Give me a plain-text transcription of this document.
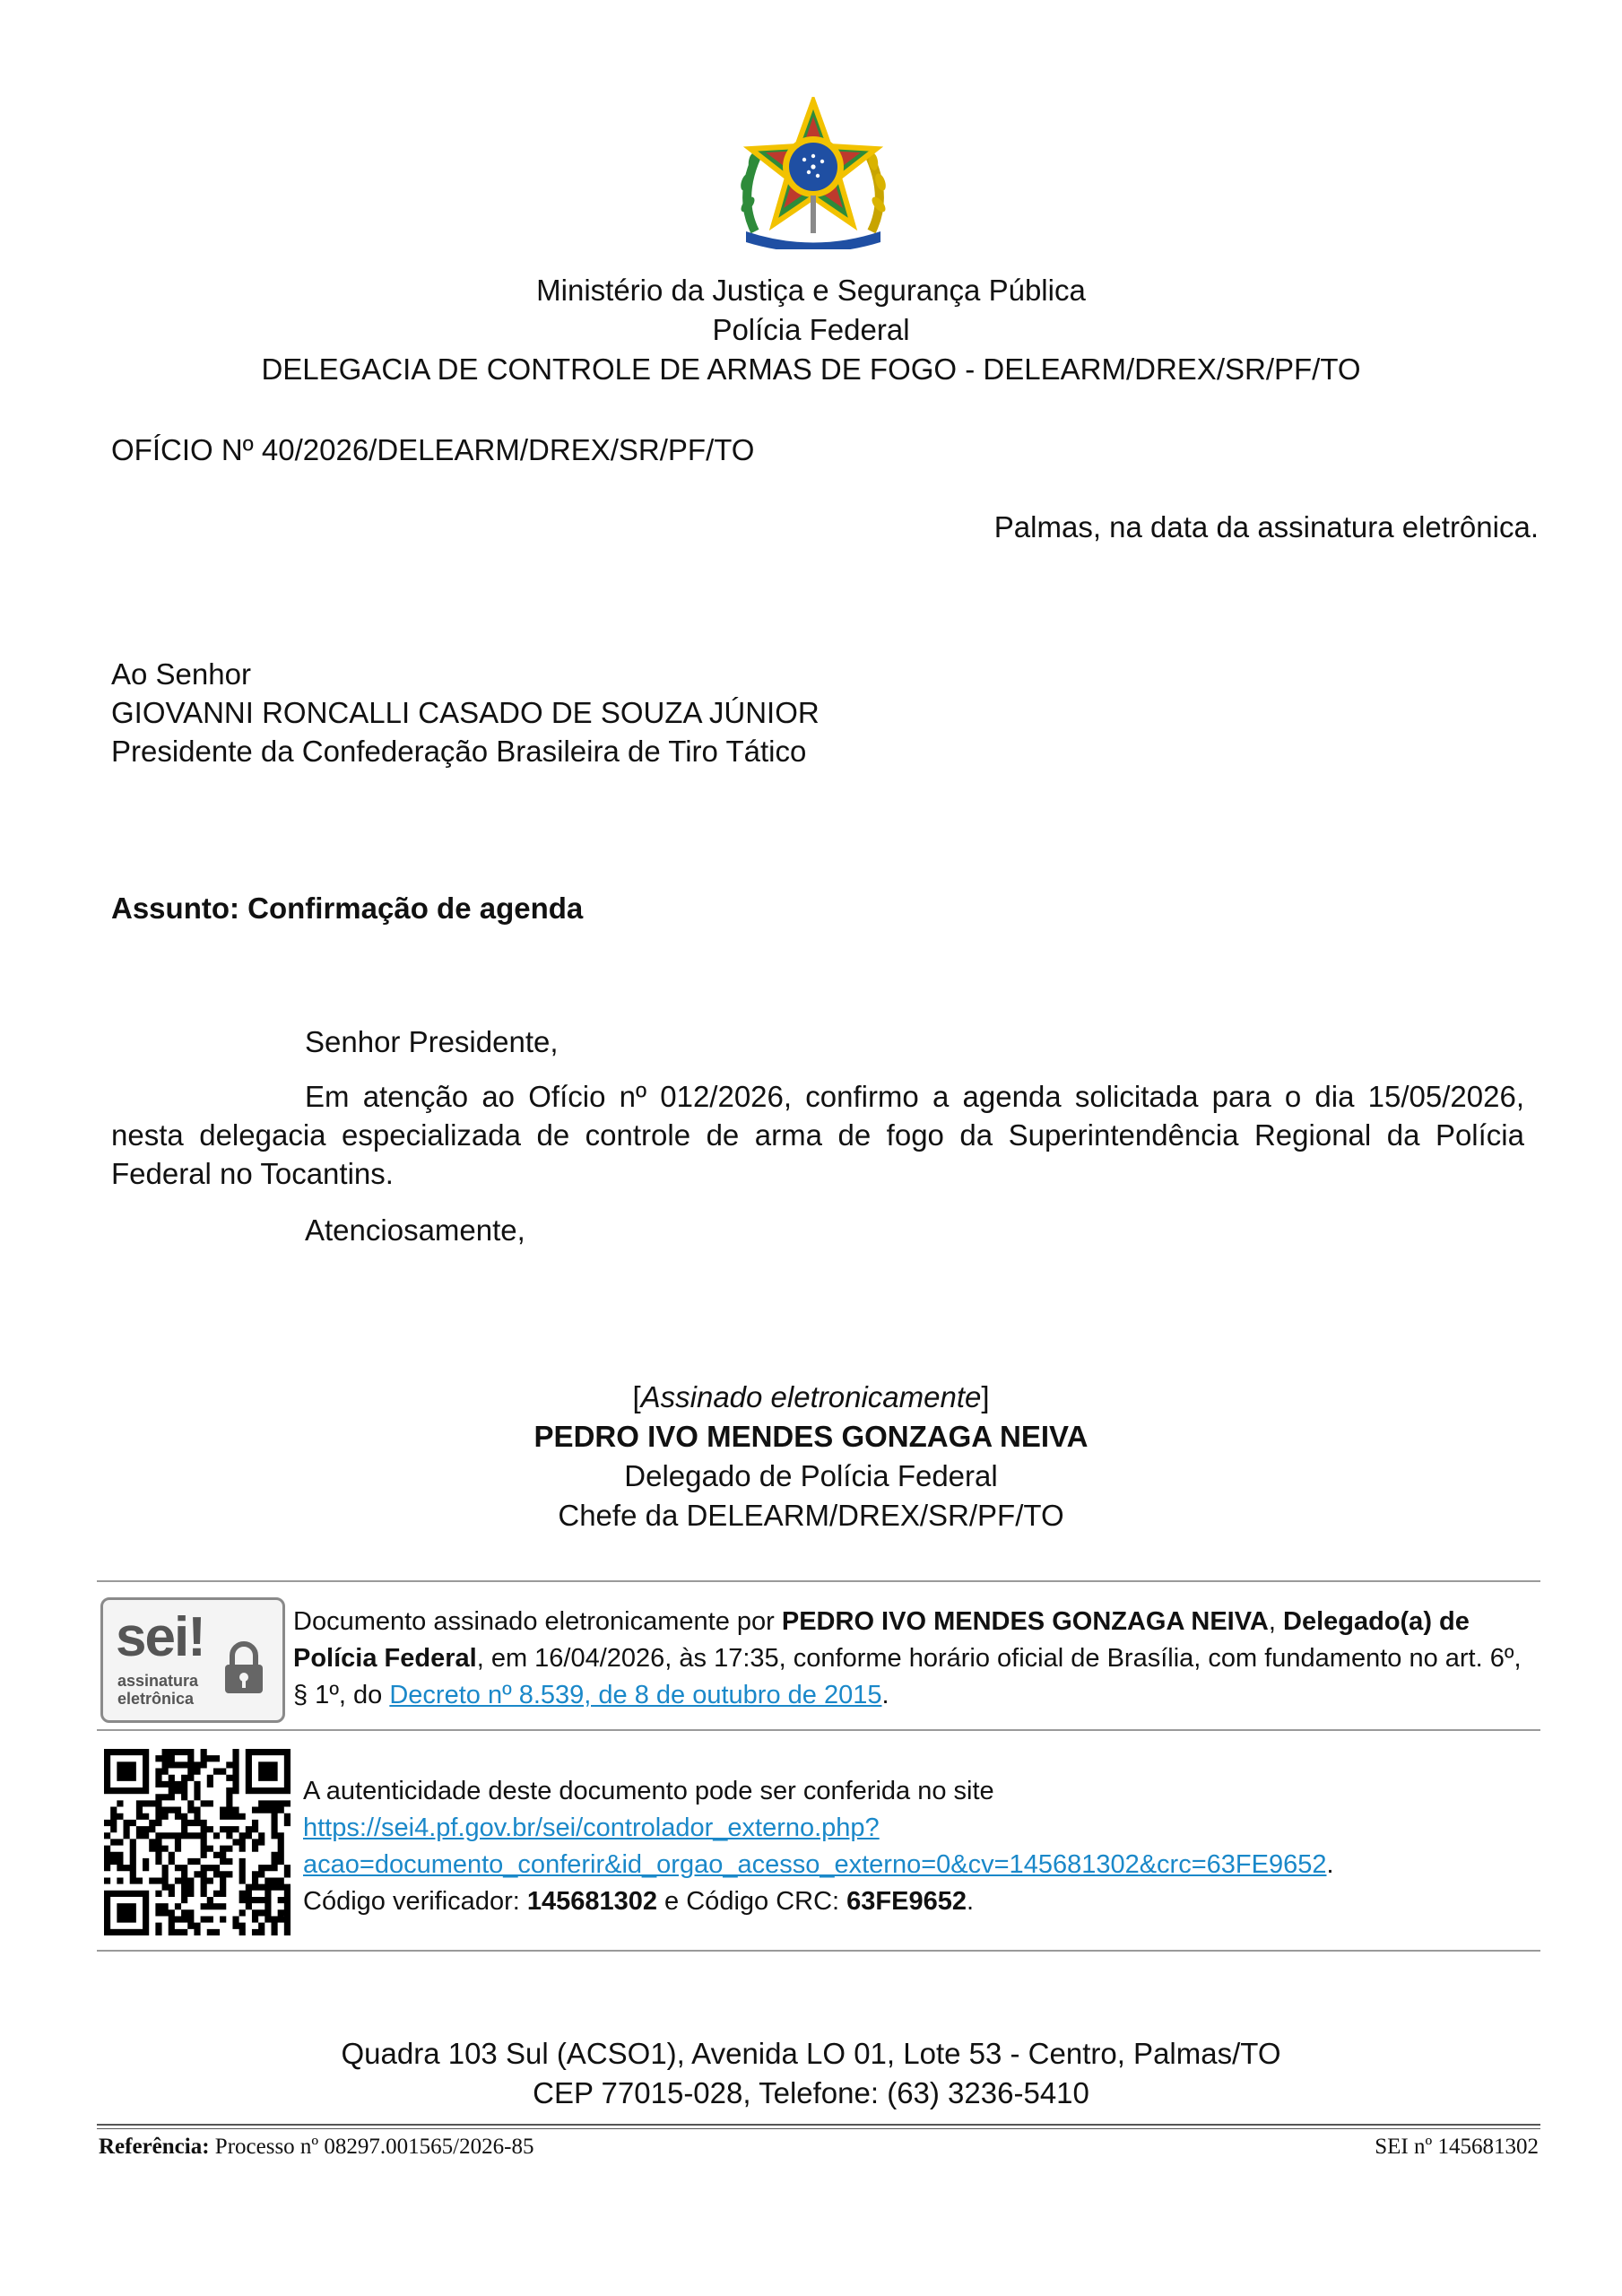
Ministério da Justiça e Segurança Pública
Polícia Federal
DELEGACIA DE CONTROLE DE ARMAS DE FOGO - DELEARM/DREX/SR/PF/TO
OFÍCIO Nº 40/2026/DELEARM/DREX/SR/PF/TO
Palmas, na data da assinatura eletrônica.
Ao Senhor
GIOVANNI RONCALLI CASADO DE SOUZA JÚNIOR
Presidente da Confederação Brasileira de Tiro Tático
Assunto: Confirmação de agenda
Senhor Presidente,
Em atenção ao Ofício nº 012/2026, confirmo a agenda solicitada para o dia 15/05/2026, nesta delegacia especializada de controle de arma de fogo da Superintendência Regional da Polícia Federal no Tocantins.
Atenciosamente,
[Assinado eletronicamente]
PEDRO IVO MENDES GONZAGA NEIVA
Delegado de Polícia Federal
Chefe da DELEARM/DREX/SR/PF/TO
sei!
assinatura
eletrônica
Documento assinado eletronicamente por PEDRO IVO MENDES GONZAGA NEIVA, Delegado(a) de Polícia Federal, em 16/04/2026, às 17:35, conforme horário oficial de Brasília, com fundamento no art. 6º, § 1º, do Decreto nº 8.539, de 8 de outubro de 2015.
A autenticidade deste documento pode ser conferida no site
https://sei4.pf.gov.br/sei/controlador_externo.php?
acao=documento_conferir&id_orgao_acesso_externo=0&cv=145681302&crc=63FE9652.
Código verificador: 145681302 e Código CRC: 63FE9652.
Quadra 103 Sul (ACSO1), Avenida LO 01, Lote 53 - Centro, Palmas/TO
CEP 77015-028, Telefone: (63) 3236-5410
Referência: Processo nº 08297.001565/2026-85	SEI nº 145681302
